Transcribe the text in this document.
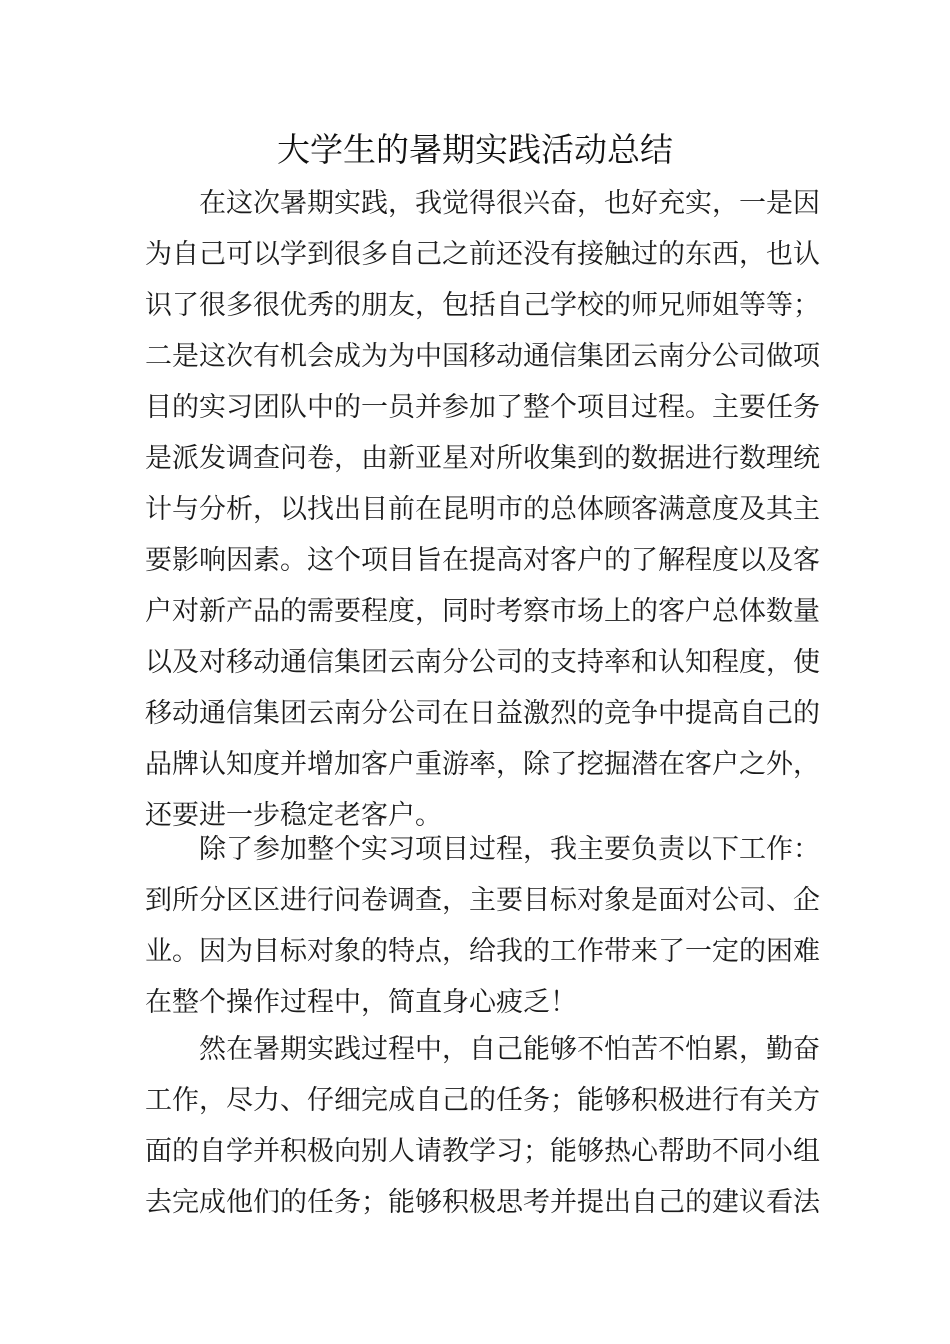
大学生的暑期实践活动总结

在这次暑期实践，我觉得很兴奋，也好充实，一是因
为自己可以学到很多自己之前还没有接触过的东西，也认
识了很多很优秀的朋友，包括自己学校的师兄师姐等等；
二是这次有机会成为为中国移动通信集团云南分公司做项
目的实习团队中的一员并参加了整个项目过程。主要任务
是派发调查问卷，由新亚星对所收集到的数据进行数理统
计与分析，以找出目前在昆明市的总体顾客满意度及其主
要影响因素。这个项目旨在提高对客户的了解程度以及客
户对新产品的需要程度，同时考察市场上的客户总体数量
以及对移动通信集团云南分公司的支持率和认知程度，使
移动通信集团云南分公司在日益激烈的竞争中提高自己的
品牌认知度并增加客户重游率，除了挖掘潜在客户之外，
还要进一步稳定老客户。

除了参加整个实习项目过程，我主要负责以下工作：
到所分区区进行问卷调查，主要目标对象是面对公司、企
业。因为目标对象的特点，给我的工作带来了一定的困难
在整个操作过程中，简直身心疲乏！

然在暑期实践过程中，自己能够不怕苦不怕累，勤奋
工作，尽力、仔细完成自己的任务；能够积极进行有关方
面的自学并积极向别人请教学习；能够热心帮助不同小组
去完成他们的任务；能够积极思考并提出自己的建议看法
